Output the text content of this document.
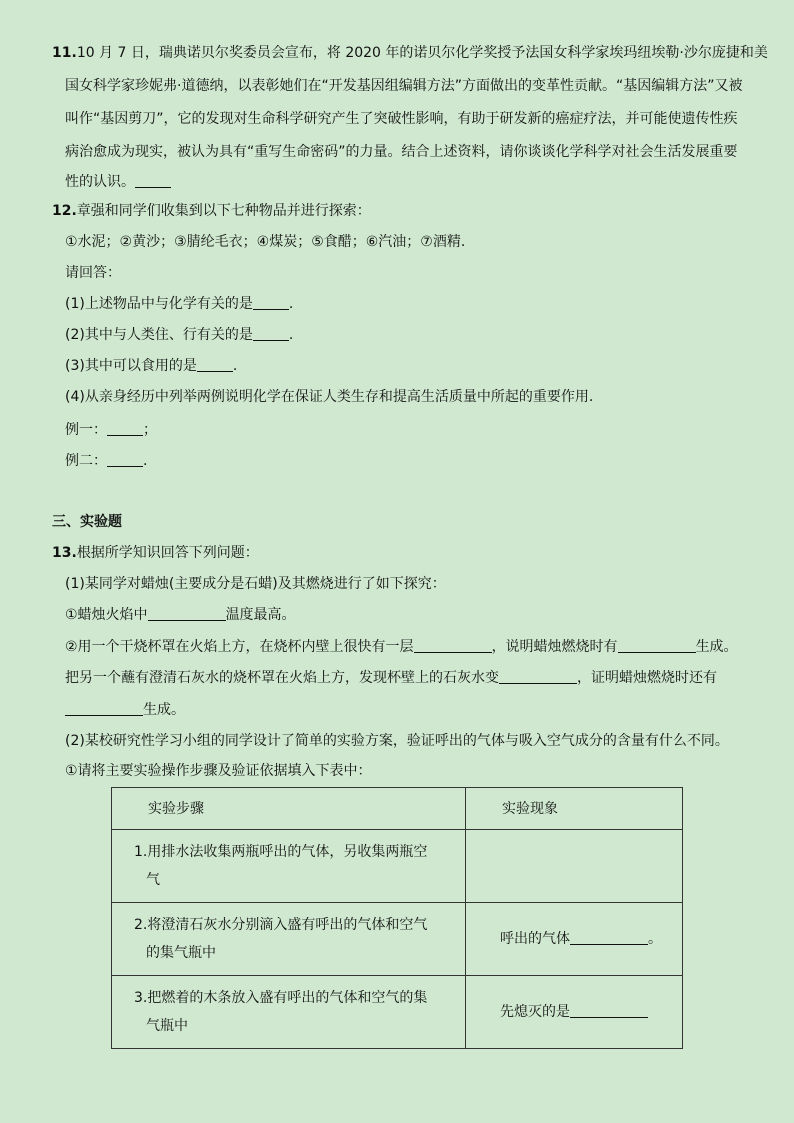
11.10 月 7 日，瑞典诺贝尔奖委员会宣布，将 2020 年的诺贝尔化学奖授予法国女科学家埃玛纽埃勒·沙尔庞捷和美
国女科学家珍妮弗·道德纳，以表彰她们在“开发基因组编辑方法”方面做出的变革性贡献。“基因编辑方法”又被
叫作“基因剪刀”，它的发现对生命科学研究产生了突破性影响，有助于研发新的癌症疗法，并可能使遗传性疾
病治愈成为现实，被认为具有“重写生命密码”的力量。结合上述资料，请你谈谈化学科学对社会生活发展重要
性的认识。
12.章强和同学们收集到以下七种物品并进行探索：
①水泥；②黄沙；③腈纶毛衣；④煤炭；⑤食醋；⑥汽油；⑦酒精.
请回答：
(1)上述物品中与化学有关的是	.
(2)其中与人类住、行有关的是	.
(3)其中可以食用的是	.
(4)从亲身经历中列举两例说明化学在保证人类生存和提高生活质量中所起的重要作用.
例一：	；
例二：	.
三、实验题
13.根据所学知识回答下列问题：
(1)某同学对蜡烛(主要成分是石蜡)及其燃烧进行了如下探究：
①蜡烛火焰中	温度最高。
②用一个干烧杯罩在火焰上方，在烧杯内壁上很快有一层	，说明蜡烛燃烧时有	生成。
把另一个蘸有澄清石灰水的烧杯罩在火焰上方，发现杯壁上的石灰水变	，证明蜡烛燃烧时还有
生成。
(2)某校研究性学习小组的同学设计了简单的实验方案，验证呼出的气体与吸入空气成分的含量有什么不同。
①请将主要实验操作步骤及验证依据填入下表中：
实验步骤	实验现象

1.用排水法收集两瓶呼出的气体，另收集两瓶空
气	

2.将澄清石灰水分别滴入盛有呼出的气体和空气
的集气瓶中	呼出的气体 。

3.把燃着的木条放入盛有呼出的气体和空气的集
气瓶中	先熄灭的是
